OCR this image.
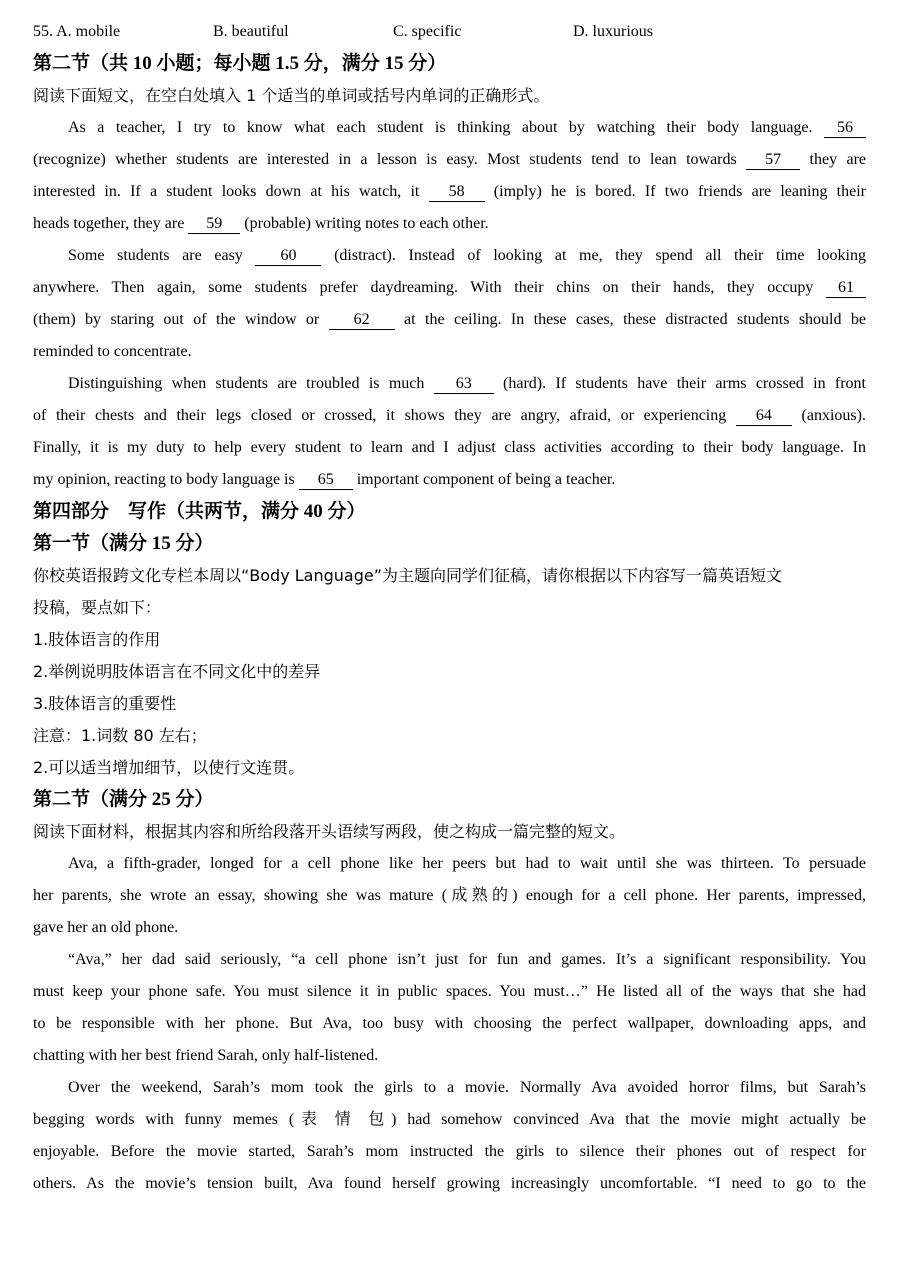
55. A. mobile	B. beautiful	C. specific	D. luxurious
第二节（共 10 小题；每小题 1.5 分，满分 15 分）
阅读下面短文，在空白处填入 1 个适当的单词或括号内单词的正确形式。
As a teacher, I try to know what each student is thinking about by watching their body language. 56
(recognize) whether students are interested in a lesson is easy. Most students tend to lean towards 57 they are
interested in. If a student looks down at his watch, it 58 (imply) he is bored. If two friends are leaning their
heads together, they are 59 (probable) writing notes to each other.
Some students are easy 60 (distract). Instead of looking at me, they spend all their time looking
anywhere. Then again, some students prefer daydreaming. With their chins on their hands, they occupy 61
(them) by staring out of the window or 62 at the ceiling. In these cases, these distracted students should be
reminded to concentrate.
Distinguishing when students are troubled is much 63 (hard). If students have their arms crossed in front
of their chests and their legs closed or crossed, it shows they are angry, afraid, or experiencing 64 (anxious).
Finally, it is my duty to help every student to learn and I adjust class activities according to their body language. In
my opinion, reacting to body language is 65 important component of being a teacher.
第四部分　写作（共两节，满分 40 分）
第一节（满分 15 分）
你校英语报跨文化专栏本周以“Body Language”为主题向同学们征稿，请你根据以下内容写一篇英语短文
投稿，要点如下：
1.肢体语言的作用
2.举例说明肢体语言在不同文化中的差异
3.肢体语言的重要性
注意：1.词数 80 左右；
2.可以适当增加细节，以使行文连贯。
第二节（满分 25 分）
阅读下面材料，根据其内容和所给段落开头语续写两段，使之构成一篇完整的短文。
Ava, a fifth-grader, longed for a cell phone like her peers but had to wait until she was thirteen. To persuade
her parents, she wrote an essay, showing she was mature (成熟的) enough for a cell phone. Her parents, impressed,
gave her an old phone.
“Ava,” her dad said seriously, “a cell phone isn’t just for fun and games. It’s a significant responsibility. You
must keep your phone safe. You must silence it in public spaces. You must…” He listed all of the ways that she had
to be responsible with her phone. But Ava, too busy with choosing the perfect wallpaper, downloading apps, and
chatting with her best friend Sarah, only half-listened.
Over the weekend, Sarah’s mom took the girls to a movie. Normally Ava avoided horror films, but Sarah’s
begging words with funny memes (表 情 包) had somehow convinced Ava that the movie might actually be
enjoyable. Before the movie started, Sarah’s mom instructed the girls to silence their phones out of respect for
others. As the movie’s tension built, Ava found herself growing increasingly uncomfortable. “I need to go to the
